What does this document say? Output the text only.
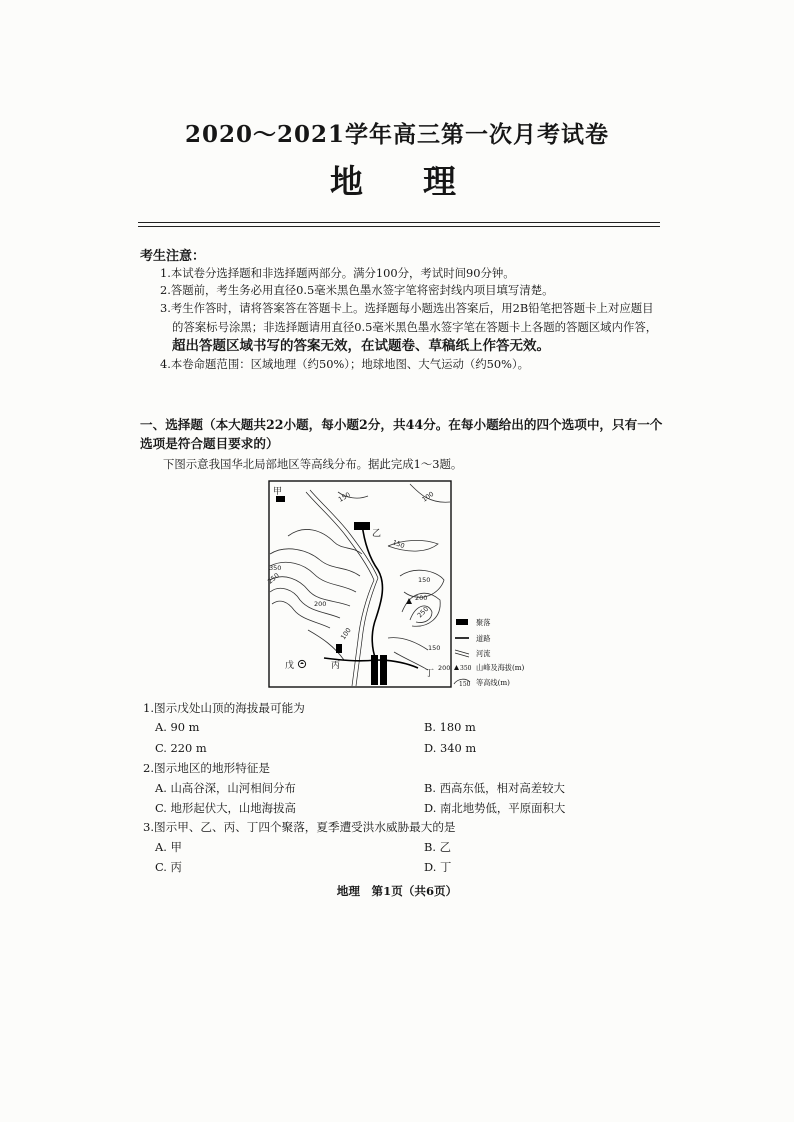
2020～2021学年高三第一次月考试卷
地理
考生注意：

1.本试卷分选择题和非选择题两部分。满分100分，考试时间90分钟。

2.答题前，考生务必用直径0.5毫米黑色墨水签字笔将密封线内项目填写清楚。

3.考生作答时，请将答案答在答题卡上。选择题每小题选出答案后，用2B铅笔把答题卡上对应题目的答案标号涂黑；非选择题请用直径0.5毫米黑色墨水签字笔在答题卡上各题的答题区域内作答，超出答题区域书写的答案无效，在试题卷、草稿纸上作答无效。

4.本卷命题范围：区域地理（约50%）；地球地图、大气运动（约50%）。

一、选择题（本大题共22小题，每小题2分，共44分。在每小题给出的四个选项中，只有一个选项是符合题目要求的）
下图示意我国华北局部地区等高线分布。据此完成1～3题。
甲
乙
丙
丁
戊
150	100
150
250
200
150
200
250
100
150
200
350
聚落
道路
河流
350 山峰及海拔(m)
150 等高线(m)
1.图示戊处山顶的海拔最可能为
A. 90 m	B. 180 m
C. 220 m	D. 340 m
2.图示地区的地形特征是
A. 山高谷深，山河相间分布	B. 西高东低，相对高差较大
C. 地形起伏大，山地海拔高	D. 南北地势低，平原面积大
3.图示甲、乙、丙、丁四个聚落，夏季遭受洪水威胁最大的是
A. 甲	B. 乙
C. 丙	D. 丁
地理　第1页（共6页）
